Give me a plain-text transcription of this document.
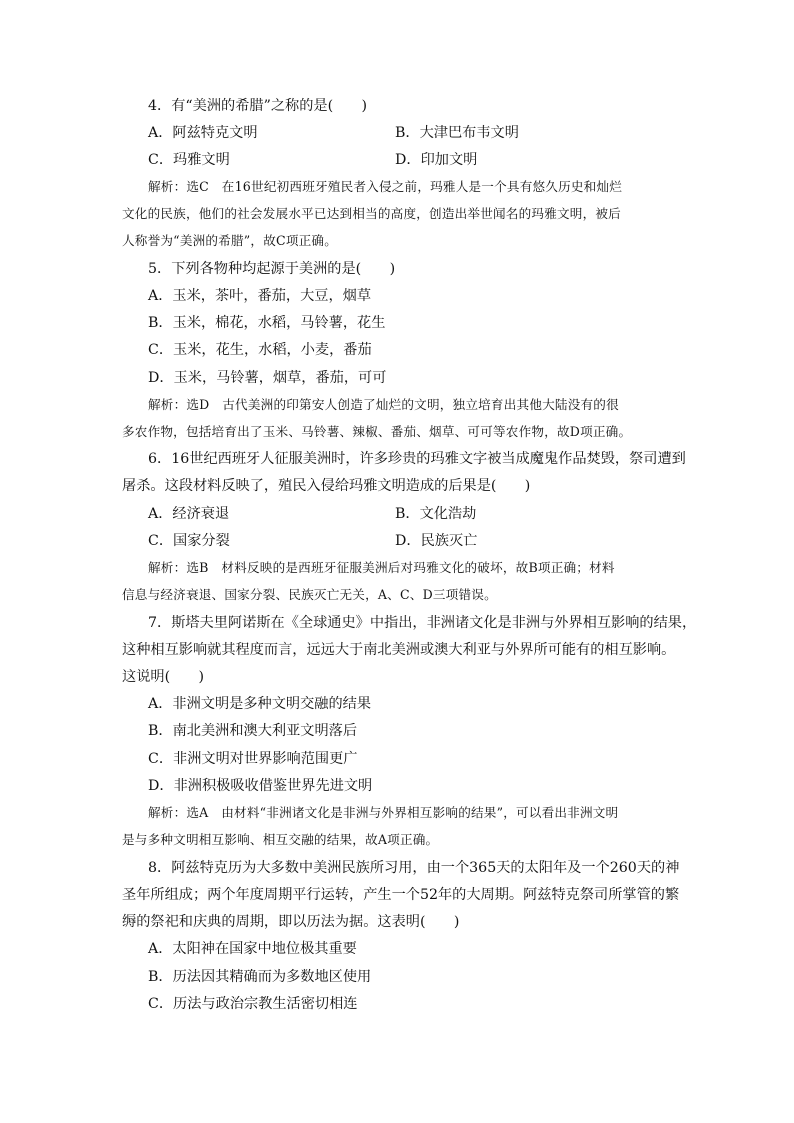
4．有“美洲的希腊”之称的是(　　)
A．阿兹特克文明	B．大津巴布韦文明
C．玛雅文明	D．印加文明
解析：选C　在16世纪初西班牙殖民者入侵之前，玛雅人是一个具有悠久历史和灿烂
文化的民族，他们的社会发展水平已达到相当的高度，创造出举世闻名的玛雅文明，被后
人称誉为“美洲的希腊”，故C项正确。
5．下列各物种均起源于美洲的是(　　)
A．玉米，茶叶，番茄，大豆，烟草
B．玉米，棉花，水稻，马铃薯，花生
C．玉米，花生，水稻，小麦，番茄
D．玉米，马铃薯，烟草，番茄，可可
解析：选D　古代美洲的印第安人创造了灿烂的文明，独立培育出其他大陆没有的很
多农作物，包括培育出了玉米、马铃薯、辣椒、番茄、烟草、可可等农作物，故D项正确。
6．16世纪西班牙人征服美洲时，许多珍贵的玛雅文字被当成魔鬼作品焚毁，祭司遭到
屠杀。这段材料反映了，殖民入侵给玛雅文明造成的后果是(　　)
A．经济衰退	B．文化浩劫
C．国家分裂	D．民族灭亡
解析：选B　材料反映的是西班牙征服美洲后对玛雅文化的破坏，故B项正确；材料
信息与经济衰退、国家分裂、民族灭亡无关，A、C、D三项错误。
7．斯塔夫里阿诺斯在《全球通史》中指出，非洲诸文化是非洲与外界相互影响的结果，
这种相互影响就其程度而言，远远大于南北美洲或澳大利亚与外界所可能有的相互影响。
这说明(　　)
A．非洲文明是多种文明交融的结果
B．南北美洲和澳大利亚文明落后
C．非洲文明对世界影响范围更广
D．非洲积极吸收借鉴世界先进文明
解析：选A　由材料“非洲诸文化是非洲与外界相互影响的结果”，可以看出非洲文明
是与多种文明相互影响、相互交融的结果，故A项正确。
8．阿兹特克历为大多数中美洲民族所习用，由一个365天的太阳年及一个260天的神
圣年所组成；两个年度周期平行运转，产生一个52年的大周期。阿兹特克祭司所掌管的繁
缛的祭祀和庆典的周期，即以历法为据。这表明(　　)
A．太阳神在国家中地位极其重要
B．历法因其精确而为多数地区使用
C．历法与政治宗教生活密切相连
